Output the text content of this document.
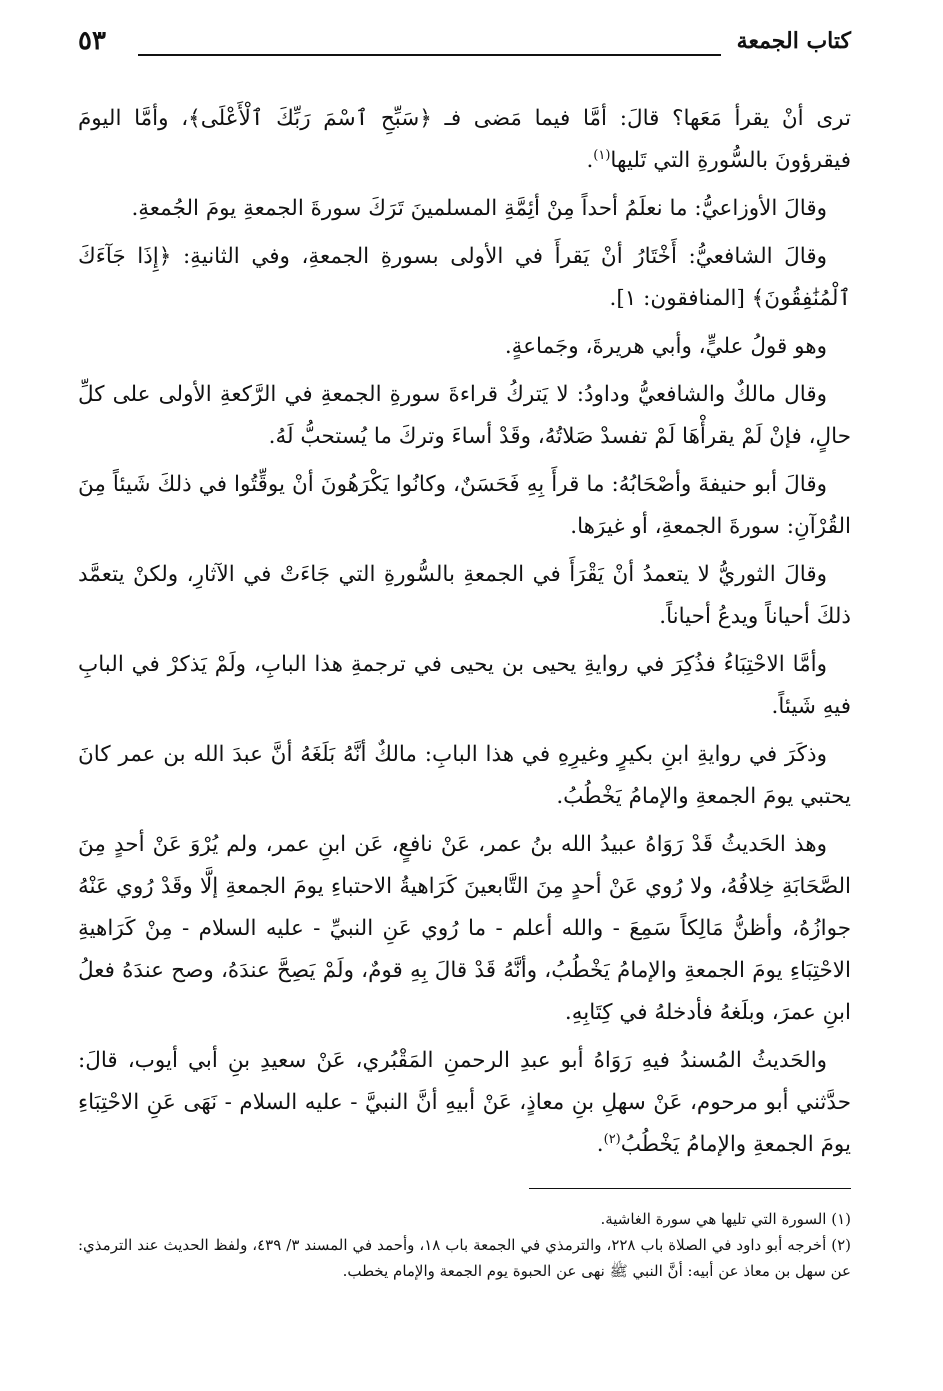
كتاب الجمعة
٥٣

ترى أنْ يقرأ مَعَها؟ قالَ: أمَّا فيما مَضى فـ ﴿سَبِّحِ ٱسْمَ رَبِّكَ ٱلْأَعْلَى﴾، وأمَّا اليومَ فيقرؤونَ بالسُّورةِ التي تَليها$^{(١)}$.

وقالَ الأوزاعيُّ: ما نعلَمُ أحداً مِنْ أئِمَّةِ المسلمينَ تَرَكَ سورةَ الجمعةِ يومَ الجُمعةِ.

وقالَ الشافعيُّ: أَخْتَارُ أنْ يَقرأَ في الأولى بسورةِ الجمعةِ، وفي الثانيةِ: ﴿إِذَا جَآءَكَ ٱلْمُنَٰفِقُونَ﴾ [المنافقون: ١].

وهو قولُ عليٍّ، وأبي هريرةَ، وجَماعةٍ.

وقال مالكٌ والشافعيُّ وداودُ: لا يَتركُ قراءةَ سورةِ الجمعةِ في الرَّكعةِ الأولى على كلِّ حالٍ، فإنْ لَمْ يقرأْهَا لَمْ تفسدْ صَلاتُهُ، وقَدْ أساءَ وتركَ ما يُستحبُّ لَهُ.

وقالَ أبو حنيفةَ وأصْحَابُهُ: ما قرأَ بِهِ فَحَسَنٌ، وكانُوا يَكْرَهُونَ أنْ يوقِّتُوا في ذلكَ شَيئاً مِنَ القُرْآنِ: سورةَ الجمعةِ، أو غيرَها.

وقالَ الثوريُّ لا يتعمدُ أنْ يَقْرَأَ في الجمعةِ بالسُّورةِ التي جَاءَتْ في الآثارِ، ولكنْ يتعمَّد ذلكَ أحياناً ويدعُ أحياناً.

وأمَّا الاحْتِبَاءُ فذُكِرَ في روايةِ يحيى بن يحيى في ترجمةِ هذا البابِ، ولَمْ يَذكرْ في البابِ فيهِ شَيئاً.

وذكَرَ في روايةِ ابنِ بكيرٍ وغيرِهِ في هذا البابِ: مالكٌ أنَّهُ بَلَغَهُ أنَّ عبدَ الله بن عمر كانَ يحتبي يومَ الجمعةِ والإمامُ يَخْطُبُ.

وهذ الحَديثُ قَدْ رَوَاهُ عبيدُ الله بنُ عمر، عَنْ نافعٍ، عَن ابنِ عمر، ولم يُرْوَ عَنْ أحدٍ مِنَ الصَّحَابَةِ خِلافُهُ، ولا رُوي عَنْ أحدٍ مِنَ التَّابعينَ كَرَاهيةُ الاحتباءِ يومَ الجمعةِ إلَّا وقَدْ رُوي عَنْهُ جوازُهُ، وأظنُّ مَالِكاً سَمِعَ - والله أعلم - ما رُوي عَنِ النبيِّ - عليه السلام - مِنْ كَرَاهيةِ الاحْتِبَاءِ يومَ الجمعةِ والإمامُ يَخْطُبُ، وأنَّهُ قَدْ قالَ بِهِ قومٌ، ولَمْ يَصِحَّ عندَهُ، وصح عندَهُ فعلُ ابنِ عمرَ، وبلَغهُ فأدخلهُ في كِتَابِهِ.

والحَديثُ المُسندُ فيهِ رَوَاهُ أبو عبدِ الرحمنِ المَقْبُري، عَنْ سعيدِ بنِ أبي أيوب، قالَ: حدَّثني أبو مرحوم، عَنْ سهلِ بنِ معاذٍ، عَنْ أبيهِ أنَّ النبيَّ - عليه السلام - نَهَى عَنِ الاحْتِبَاءِ يومَ الجمعةِ والإمامُ يَخْطُبُ$^{(٢)}$.

(١) السورة التي تليها هي سورة الغاشية.

(٢) أخرجه أبو داود في الصلاة باب ٢٢٨، والترمذي في الجمعة باب ١٨، وأحمد في المسند ٣/ ٤٣٩، ولفظ الحديث عند الترمذي: عن سهل بن معاذ عن أبيه: أنَّ النبي ﷺ نهى عن الحبوة يوم الجمعة والإمام يخطب.
